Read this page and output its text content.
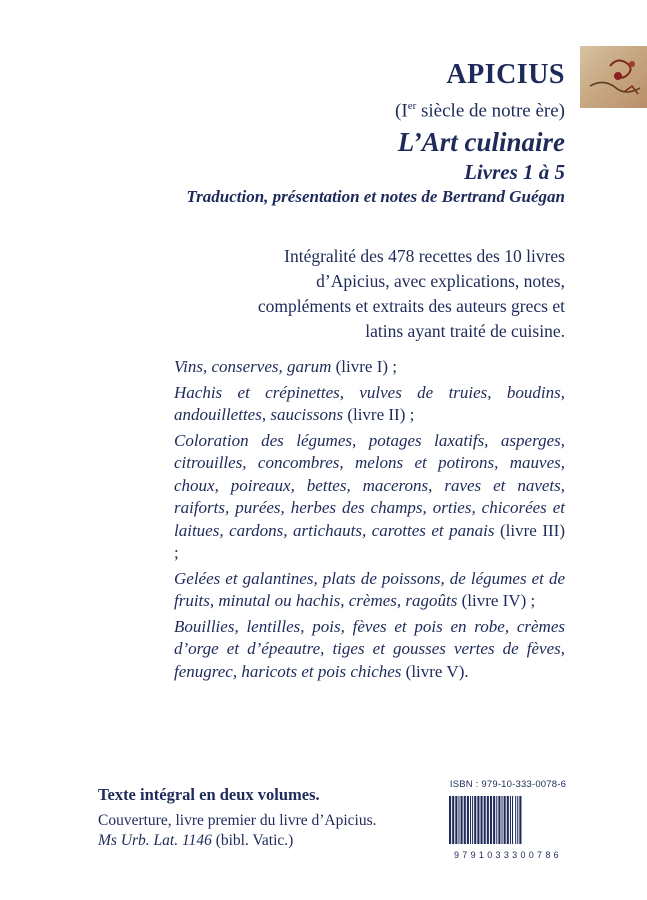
APICIUS
(Ier siècle de notre ère)
L’Art culinaire
Livres 1 à 5
Traduction, présentation et notes de Bertrand Guégan
Intégralité des 478 recettes des 10 livres
d’Apicius, avec explications, notes,
compléments et extraits des auteurs grecs et
latins ayant traité de cuisine.

Vins, conserves, garum (livre I) ;

Hachis et crépinettes, vulves de truies, boudins, andouillettes, saucissons (livre II) ;

Coloration des légumes, potages laxatifs, asperges, citrouilles, concombres, melons et potirons, mauves, choux, poireaux, bettes, macerons, raves et navets, raiforts, purées, herbes des champs, orties, chicorées et laitues, cardons, artichauts, carottes et panais (livre III) ;

Gelées et galantines, plats de poissons, de légumes et de fruits, minutal ou hachis, crèmes, ragoûts (livre IV) ;

Bouillies, lentilles, pois, fèves et pois en robe, crèmes d’orge et d’épeautre, tiges et gousses vertes de fèves, fenugrec, haricots et pois chiches (livre V).

Texte intégral en deux volumes.
Couverture, livre premier du livre d’Apicius.
Ms Urb. Lat. 1146 (bibl. Vatic.)
ISBN : 979-10-333-0078-6
9791033300786
